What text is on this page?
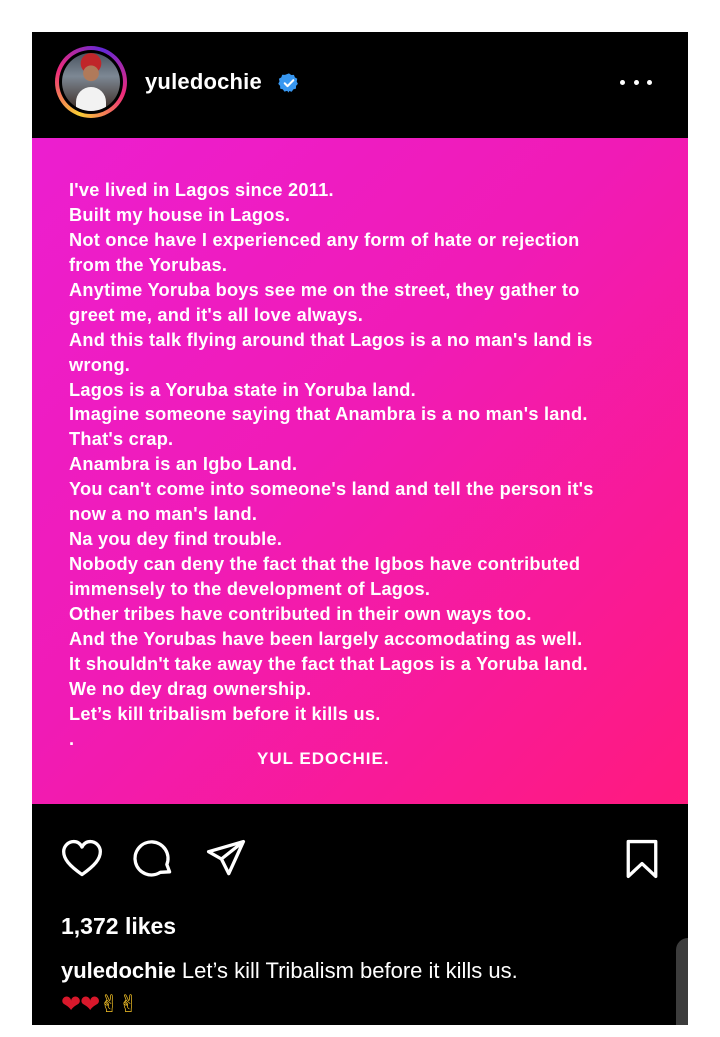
yuledochie
I've lived in Lagos since 2011.
Built my house in Lagos.
Not once have I experienced any form of hate or rejection
from the Yorubas.
Anytime Yoruba boys see me on the street, they gather to
greet me, and it's all love always.
And this talk flying around that Lagos is a no man's land is
wrong.
Lagos is a Yoruba state in Yoruba land.
Imagine someone saying that Anambra is a no man's land.
That's crap.
Anambra is an Igbo Land.
You can't come into someone's land and tell the person it's
now a no man's land.
Na you dey find trouble.
Nobody can deny the fact that the Igbos have contributed
immensely to the development of Lagos.
Other tribes have contributed in their own ways too.
And the Yorubas have been largely accomodating as well.
It shouldn't take away the fact that Lagos is a Yoruba land.
We no dey drag ownership.
Let’s kill tribalism before it kills us.
.
YUL EDOCHIE.
1,372 likes
yuledochie Let’s kill Tribalism before it kills us.
❤❤✌✌
